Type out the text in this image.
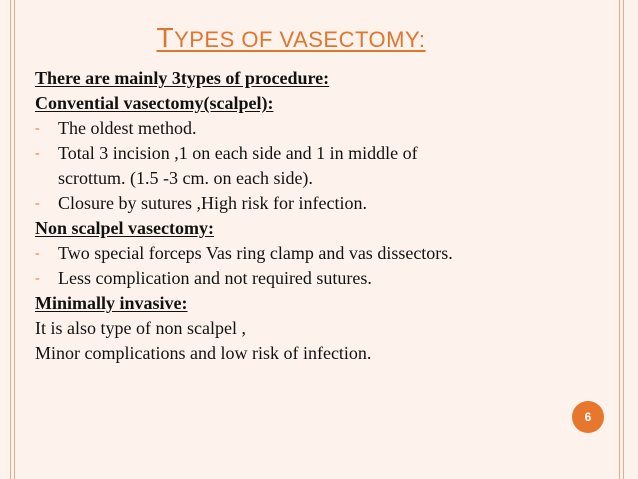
TYPES OF VASECTOMY:

There are mainly 3types of procedure:

Convential vasectomy(scalpel):

- The oldest method.

- Total 3 incision ,1 on each side and 1 in middle of

scrottum. (1.5 -3 cm. on each side).

- Closure by sutures ,High risk for infection.

Non scalpel vasectomy:

- Two special forceps Vas ring clamp and vas dissectors.

- Less complication and not required sutures.

Minimally invasive:

It is also type of non scalpel ,

Minor complications and low risk of infection.

6
